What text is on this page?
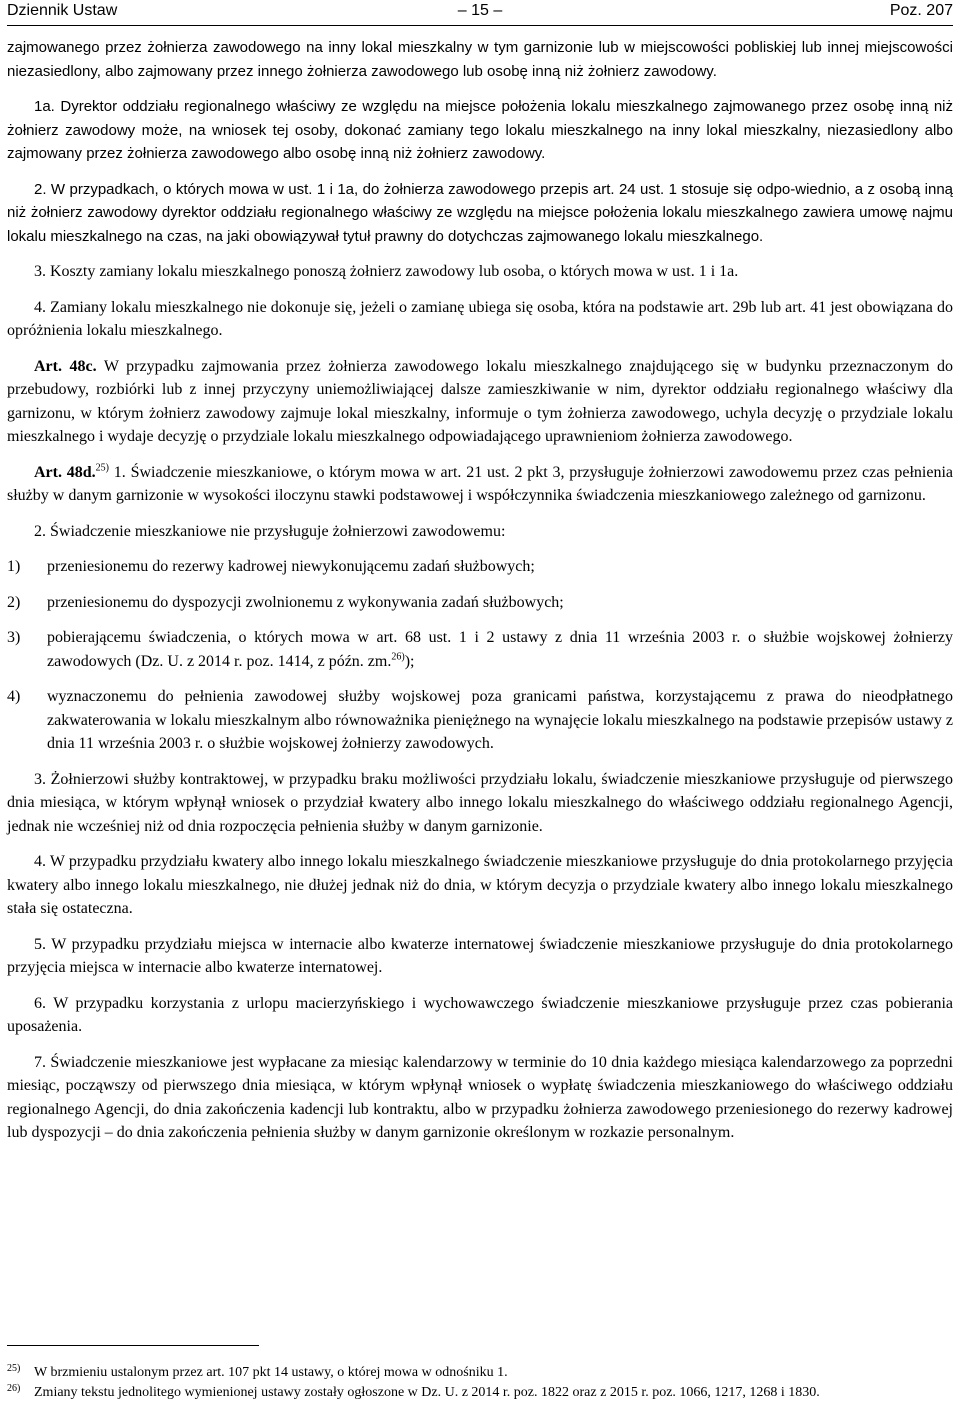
Dziennik Ustaw	– 15 –	Poz. 207

zajmowanego przez żołnierza zawodowego na inny lokal mieszkalny w tym garnizonie lub w miejscowości pobliskiej lub innej miejscowości niezasiedlony, albo zajmowany przez innego żołnierza zawodowego lub osobę inną niż żołnierz zawodowy.

1a. Dyrektor oddziału regionalnego właściwy ze względu na miejsce położenia lokalu mieszkalnego zajmowanego przez osobę inną niż żołnierz zawodowy może, na wniosek tej osoby, dokonać zamiany tego lokalu mieszkalnego na inny lokal mieszkalny, niezasiedlony albo zajmowany przez żołnierza zawodowego albo osobę inną niż żołnierz zawodowy.

2. W przypadkach, o których mowa w ust. 1 i 1a, do żołnierza zawodowego przepis art. 24 ust. 1 stosuje się odpo-wiednio, a z osobą inną niż żołnierz zawodowy dyrektor oddziału regionalnego właściwy ze względu na miejsce położenia lokalu mieszkalnego zawiera umowę najmu lokalu mieszkalnego na czas, na jaki obowiązywał tytuł prawny do dotychczas zajmowanego lokalu mieszkalnego.

3. Koszty zamiany lokalu mieszkalnego ponoszą żołnierz zawodowy lub osoba, o których mowa w ust. 1 i 1a.

4. Zamiany lokalu mieszkalnego nie dokonuje się, jeżeli o zamianę ubiega się osoba, która na podstawie art. 29b lub art. 41 jest obowiązana do opróżnienia lokalu mieszkalnego.

Art. 48c. W przypadku zajmowania przez żołnierza zawodowego lokalu mieszkalnego znajdującego się w budynku przeznaczonym do przebudowy, rozbiórki lub z innej przyczyny uniemożliwiającej dalsze zamieszkiwanie w nim, dyrektor oddziału regionalnego właściwy dla garnizonu, w którym żołnierz zawodowy zajmuje lokal mieszkalny, informuje o tym żołnierza zawodowego, uchyla decyzję o przydziale lokalu mieszkalnego i wydaje decyzję o przydziale lokalu mieszkalnego odpowiadającego uprawnieniom żołnierza zawodowego.

Art. 48d.$^{25)}$ 1. Świadczenie mieszkaniowe, o którym mowa w art. 21 ust. 2 pkt 3, przysługuje żołnierzowi zawodowemu przez czas pełnienia służby w danym garnizonie w wysokości iloczynu stawki podstawowej i współczynnika świadczenia mieszkaniowego zależnego od garnizonu.

2. Świadczenie mieszkaniowe nie przysługuje żołnierzowi zawodowemu:

1) przeniesionemu do rezerwy kadrowej niewykonującemu zadań służbowych;
2) przeniesionemu do dyspozycji zwolnionemu z wykonywania zadań służbowych;
3) pobierającemu świadczenia, o których mowa w art. 68 ust. 1 i 2 ustawy z dnia 11 września 2003 r. o służbie wojskowej żołnierzy zawodowych (Dz. U. z 2014 r. poz. 1414, z późn. zm.$^{26)}$);
4) wyznaczonemu do pełnienia zawodowej służby wojskowej poza granicami państwa, korzystającemu z prawa do nieodpłatnego zakwaterowania w lokalu mieszkalnym albo równoważnika pieniężnego na wynajęcie lokalu mieszkalnego na podstawie przepisów ustawy z dnia 11 września 2003 r. o służbie wojskowej żołnierzy zawodowych.

3. Żołnierzowi służby kontraktowej, w przypadku braku możliwości przydziału lokalu, świadczenie mieszkaniowe przysługuje od pierwszego dnia miesiąca, w którym wpłynął wniosek o przydział kwatery albo innego lokalu mieszkalnego do właściwego oddziału regionalnego Agencji, jednak nie wcześniej niż od dnia rozpoczęcia pełnienia służby w danym garnizonie.

4. W przypadku przydziału kwatery albo innego lokalu mieszkalnego świadczenie mieszkaniowe przysługuje do dnia protokolarnego przyjęcia kwatery albo innego lokalu mieszkalnego, nie dłużej jednak niż do dnia, w którym decyzja o przydziale kwatery albo innego lokalu mieszkalnego stała się ostateczna.

5. W przypadku przydziału miejsca w internacie albo kwaterze internatowej świadczenie mieszkaniowe przysługuje do dnia protokolarnego przyjęcia miejsca w internacie albo kwaterze internatowej.

6. W przypadku korzystania z urlopu macierzyńskiego i wychowawczego świadczenie mieszkaniowe przysługuje przez czas pobierania uposażenia.

7. Świadczenie mieszkaniowe jest wypłacane za miesiąc kalendarzowy w terminie do 10 dnia każdego miesiąca kalendarzowego za poprzedni miesiąc, począwszy od pierwszego dnia miesiąca, w którym wpłynął wniosek o wypłatę świadczenia mieszkaniowego do właściwego oddziału regionalnego Agencji, do dnia zakończenia kadencji lub kontraktu, albo w przypadku żołnierza zawodowego przeniesionego do rezerwy kadrowej lub dyspozycji – do dnia zakończenia pełnienia służby w danym garnizonie określonym w rozkazie personalnym.

25) W brzmieniu ustalonym przez art. 107 pkt 14 ustawy, o której mowa w odnośniku 1.
26) Zmiany tekstu jednolitego wymienionej ustawy zostały ogłoszone w Dz. U. z 2014 r. poz. 1822 oraz z 2015 r. poz. 1066, 1217, 1268 i 1830.
